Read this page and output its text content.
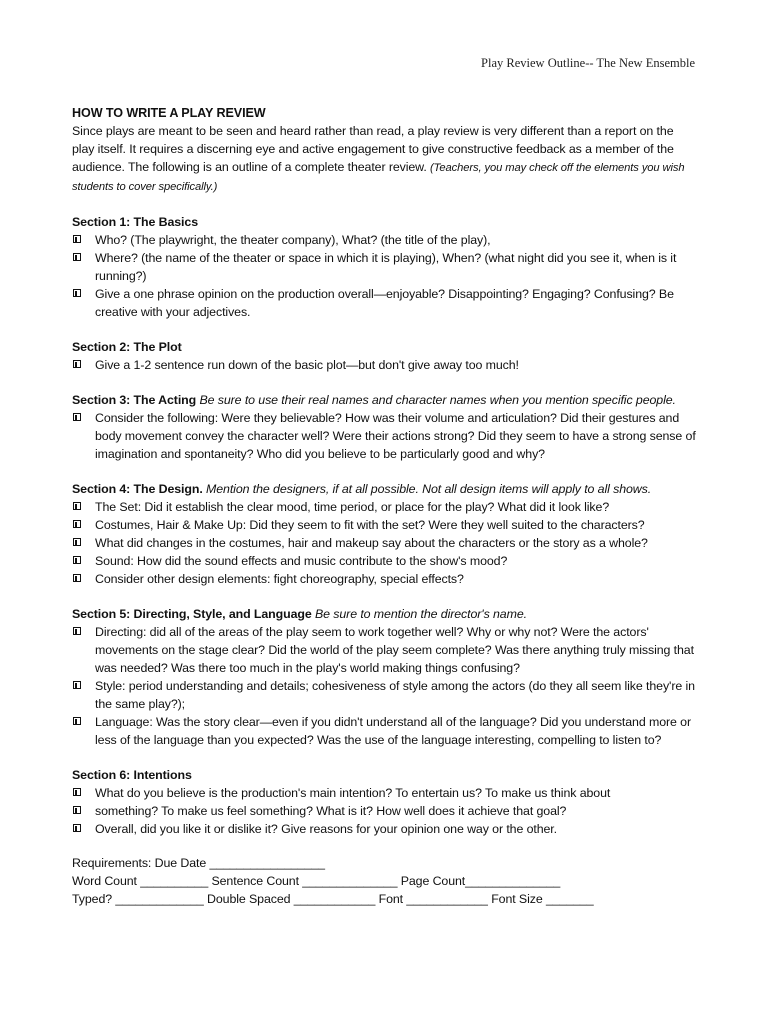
Play Review Outline-- The New Ensemble

HOW TO WRITE A PLAY REVIEW

Since plays are meant to be seen and heard rather than read, a play review is very different than a report on the play itself. It requires a discerning eye and active engagement to give constructive feedback as a member of the audience. The following is an outline of a complete theater review. (Teachers, you may check off the elements you wish students to cover specifically.)

Section 1: The Basics

Who? (The playwright, the theater company), What? (the title of the play),
Where? (the name of the theater or space in which it is playing), When? (what night did you see it, when is it running?)
Give a one phrase opinion on the production overall—enjoyable? Disappointing? Engaging? Confusing? Be creative with your adjectives.

Section 2: The Plot

Give a 1-2 sentence run down of the basic plot—but don't give away too much!

Section 3: The Acting Be sure to use their real names and character names when you mention specific people.

Consider the following: Were they believable? How was their volume and articulation? Did their gestures and body movement convey the character well? Were their actions strong? Did they seem to have a strong sense of imagination and spontaneity? Who did you believe to be particularly good and why?

Section 4: The Design. Mention the designers, if at all possible. Not all design items will apply to all shows.

The Set: Did it establish the clear mood, time period, or place for the play? What did it look like?
Costumes, Hair & Make Up: Did they seem to fit with the set? Were they well suited to the characters?
What did changes in the costumes, hair and makeup say about the characters or the story as a whole?
Sound: How did the sound effects and music contribute to the show's mood?
Consider other design elements: fight choreography, special effects?

Section 5: Directing, Style, and Language Be sure to mention the director's name.

Directing: did all of the areas of the play seem to work together well? Why or why not? Were the actors' movements on the stage clear? Did the world of the play seem complete? Was there anything truly missing that was needed? Was there too much in the play's world making things confusing?
Style: period understanding and details; cohesiveness of style among the actors (do they all seem like they're in the same play?);
Language: Was the story clear—even if you didn't understand all of the language? Did you understand more or less of the language than you expected? Was the use of the language interesting, compelling to listen to?

Section 6: Intentions

What do you believe is the production's main intention? To entertain us? To make us think about
something? To make us feel something? What is it? How well does it achieve that goal?
Overall, did you like it or dislike it? Give reasons for your opinion one way or the other.

Requirements: Due Date _________________

Word Count __________ Sentence Count ______________ Page Count______________

Typed? _____________ Double Spaced ____________ Font ____________ Font Size _______
